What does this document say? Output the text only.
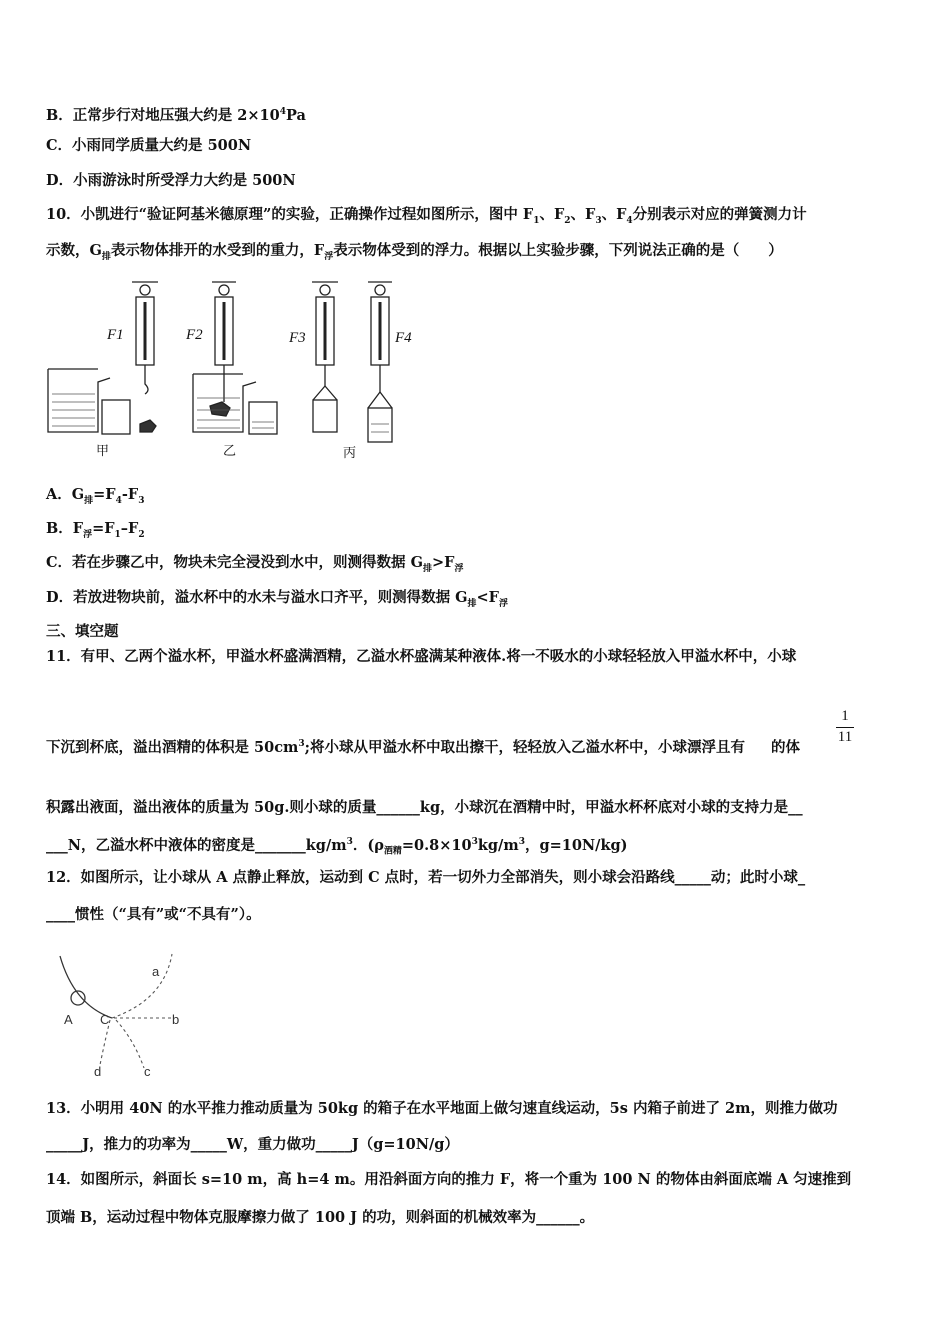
B．正常步行对地压强大约是 $2\times 10^4Pa$
C．小雨同学质量大约是 500N
D．小雨游泳时所受浮力大约是 500N
10．小凯进行“验证阿基米德原理”的实验，正确操作过程如图所示，图中 $F_1$、$F_2$、$F_3$、$F_4$分别表示对应的弹簧测力计
示数，$G_排$表示物体排开的水受到的重力，$F_浮$表示物体受到的浮力。根据以上实验步骤，下列说法正确的是（　　）
F1	F2	F3	F4
甲	乙	丙
A．$G_排=F_4-F_3$
B．$F_浮=F_1-F_2$
C．若在步骤乙中，物块未完全浸没到水中，则测得数据 $G_排>F_浮$
D．若放进物块前，溢水杯中的水未与溢水口齐平，则测得数据 $G_排<F_浮$
三、填空题
11．有甲、乙两个溢水杯，甲溢水杯盛满酒精，乙溢水杯盛满某种液体.将一不吸水的小球轻轻放入甲溢水杯中，小球
下沉到杯底，溢出酒精的体积是 $50cm^3$;将小球从甲溢水杯中取出擦干，轻轻放入乙溢水杯中，小球漂浮且有 的体
1
11
积露出液面，溢出液体的质量为 50g.则小球的质量______kg，小球沉在酒精中时，甲溢水杯杯底对小球的支持力是__
___N，乙溢水杯中液体的密度是$\_\_\_\_\_\_\_kg/m^3$．($\rho_{酒精}=0.8\times 10^3kg/m^3$，g=10N/kg)
12．如图所示，让小球从 A 点静止释放，运动到 C 点时，若一切外力全部消失，则小球会沿路线_____动；此时小球_
____惯性（“具有”或“不具有”）。
a
A C	b
d	c
13．小明用 40N 的水平推力推动质量为 50kg 的箱子在水平地面上做匀速直线运动，5s 内箱子前进了 2m，则推力做功
_____J，推力的功率为_____W，重力做功_____J（g=10N/g）
14．如图所示，斜面长 s=10 m，高 h=4 m。用沿斜面方向的推力 F，将一个重为 100 N 的物体由斜面底端 A 匀速推到
顶端 B，运动过程中物体克服摩擦力做了 100 J 的功，则斜面的机械效率为______。
